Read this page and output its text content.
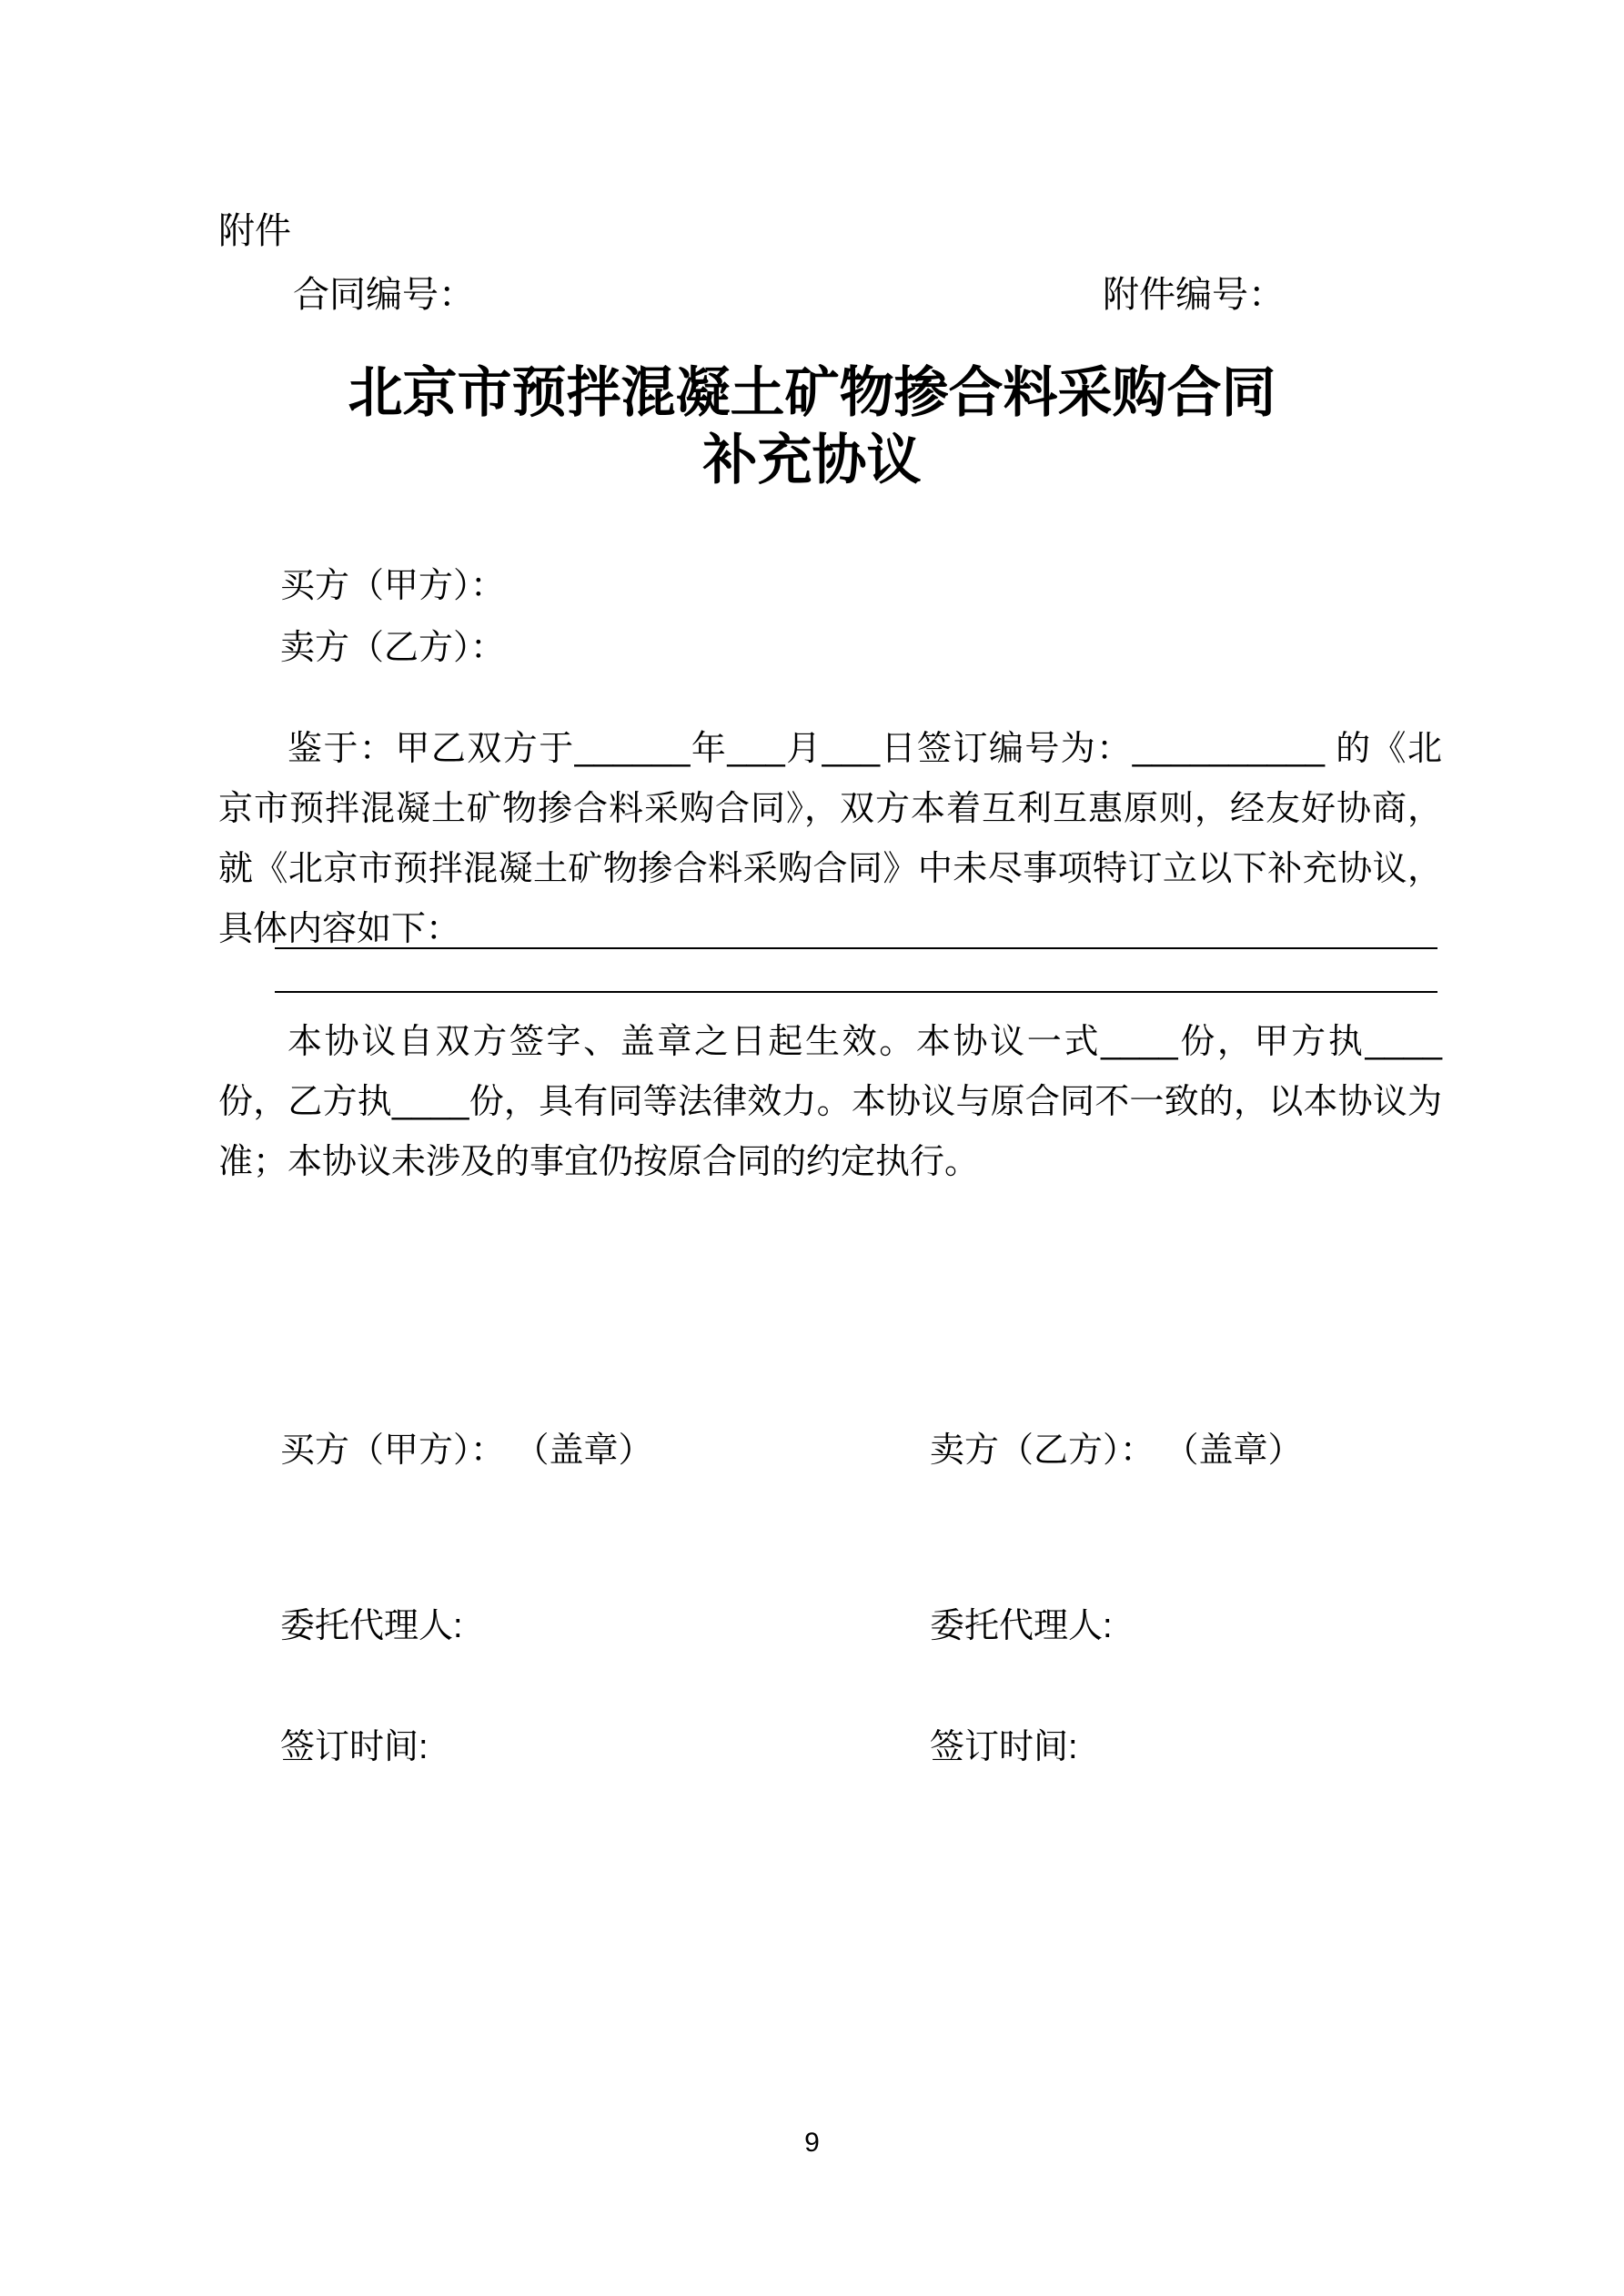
附件
合同编号：	附件编号：
北京市预拌混凝土矿物掺合料采购合同
补充协议
买方（甲方）：
卖方（乙方）：
鉴于：甲乙双方于______年___月___日签订编号为：__________ 的《北京市预拌混凝土矿物掺合料采购合同》，双方本着互利互惠原则，经友好协商，就《北京市预拌混凝土矿物掺合料采购合同》中未尽事项特订立以下补充协议，具体内容如下：
本协议自双方签字、盖章之日起生效。本协议一式____份，甲方执____份，乙方执____份，具有同等法律效力。本协议与原合同不一致的，以本协议为准；本协议未涉及的事宜仍按原合同的约定执行。
买方（甲方）： （盖章）	卖方（乙方）： （盖章）
委托代理人:	委托代理人:
签订时间:	签订时间:
9
